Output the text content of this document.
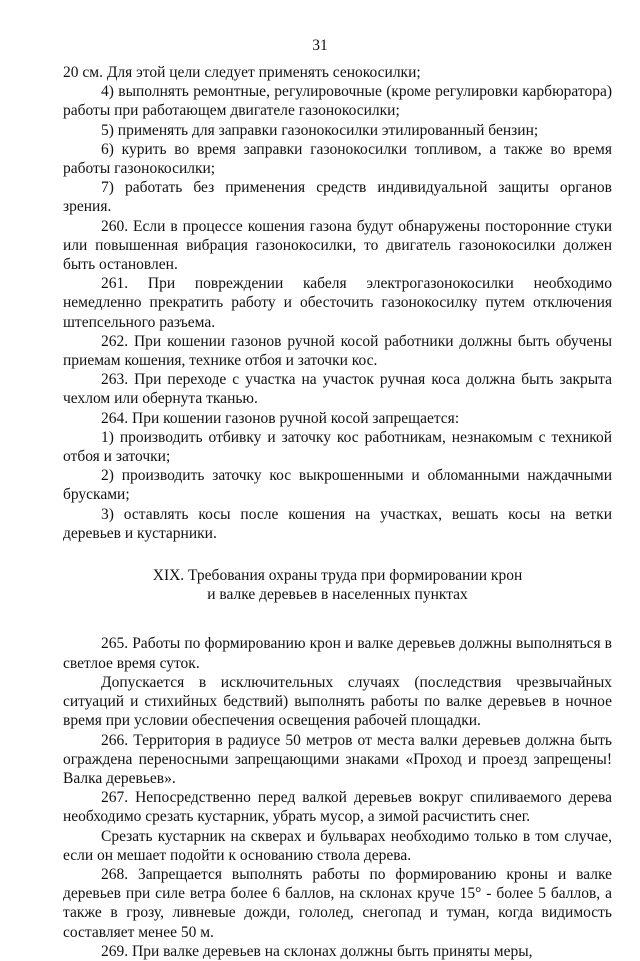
31

20 см. Для этой цели следует применять сенокосилки;

4) выполнять ремонтные, регулировочные (кроме регулировки карбюратора) работы при работающем двигателе газонокосилки;

5) применять для заправки газонокосилки этилированный бензин;

6) курить во время заправки газонокосилки топливом, а также во время работы газонокосилки;

7) работать без применения средств индивидуальной защиты органов зрения.

260. Если в процессе кошения газона будут обнаружены посторонние стуки или повышенная вибрация газонокосилки, то двигатель газонокосилки должен быть остановлен.

261. При повреждении кабеля электрогазонокосилки необходимо немедленно прекратить работу и обесточить газонокосилку путем отключения штепсельного разъема.

262. При кошении газонов ручной косой работники должны быть обучены приемам кошения, технике отбоя и заточки кос.

263. При переходе с участка на участок ручная коса должна быть закрыта чехлом или обернута тканью.

264. При кошении газонов ручной косой запрещается:

1) производить отбивку и заточку кос работникам, незнакомым с техникой отбоя и заточки;

2) производить заточку кос выкрошенными и обломанными наждачными брусками;

3) оставлять косы после кошения на участках, вешать косы на ветки деревьев и кустарники.

XIX. Требования охраны труда при формировании крон
и валке деревьев в населенных пунктах

265. Работы по формированию крон и валке деревьев должны выполняться в светлое время суток.

Допускается в исключительных случаях (последствия чрезвычайных ситуаций и стихийных бедствий) выполнять работы по валке деревьев в ночное время при условии обеспечения освещения рабочей площадки.

266. Территория в радиусе 50 метров от места валки деревьев должна быть ограждена переносными запрещающими знаками «Проход и проезд запрещены! Валка деревьев».

267. Непосредственно перед валкой деревьев вокруг спиливаемого дерева необходимо срезать кустарник, убрать мусор, а зимой расчистить снег.

Срезать кустарник на скверах и бульварах необходимо только в том случае, если он мешает подойти к основанию ствола дерева.

268. Запрещается выполнять работы по формированию кроны и валке деревьев при силе ветра более 6 баллов, на склонах круче 15° - более 5 баллов, а также в грозу, ливневые дожди, гололед, снегопад и туман, когда видимость составляет менее 50 м.

269. При валке деревьев на склонах должны быть приняты меры,
